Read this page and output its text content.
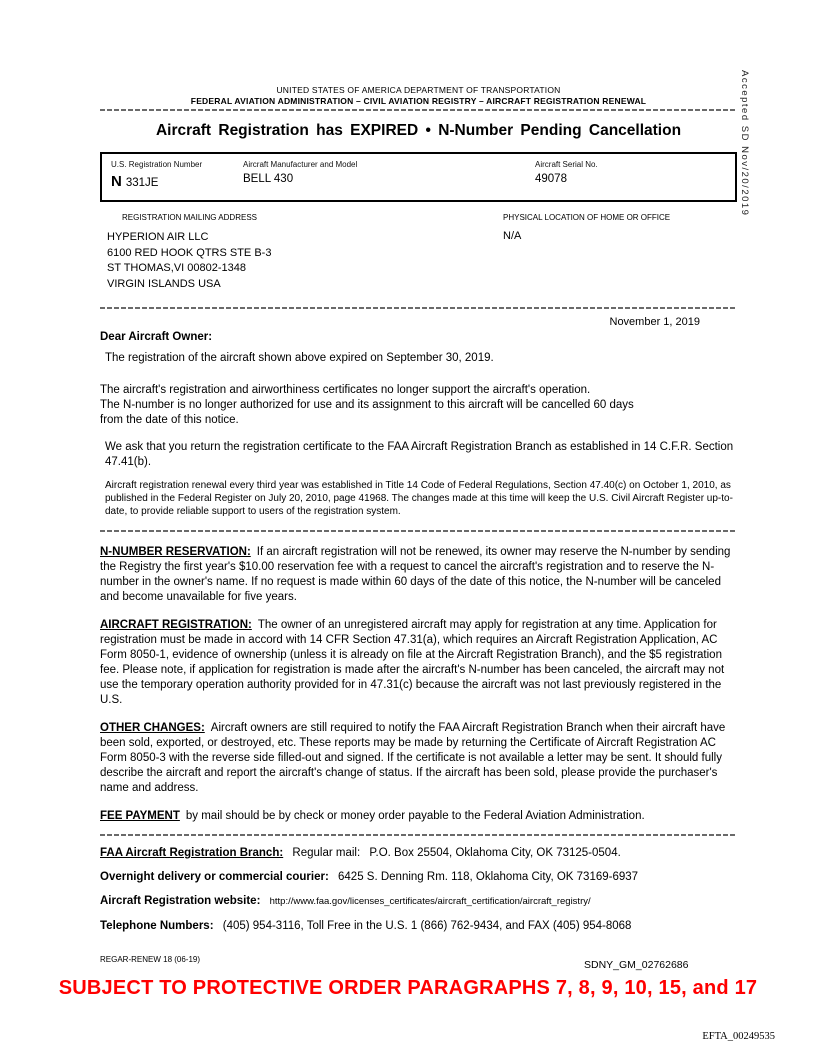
Accepted SD Nov/20/2019
UNITED STATES OF AMERICA DEPARTMENT OF TRANSPORTATION
FEDERAL AVIATION ADMINISTRATION – CIVIL AVIATION REGISTRY – AIRCRAFT REGISTRATION RENEWAL
Aircraft Registration has EXPIRED • N-Number Pending Cancellation
U.S. Registration Number
N 331JE
Aircraft Manufacturer and Model
BELL 430
Aircraft Serial No.
49078
REGISTRATION MAILING ADDRESS	PHYSICAL LOCATION OF HOME OR OFFICE
HYPERION AIR LLC
6100 RED HOOK QTRS STE B-3
ST THOMAS,VI 00802-1348
VIRGIN ISLANDS USA
N/A
November 1, 2019
Dear Aircraft Owner:
The registration of the aircraft shown above expired on September 30, 2019.
The aircraft's registration and airworthiness certificates no longer support the aircraft's operation.
The N-number is no longer authorized for use and its assignment to this aircraft will be cancelled 60 days
from the date of this notice.
We ask that you return the registration certificate to the FAA Aircraft Registration Branch as established in 14 C.F.R. Section 47.41(b).
Aircraft registration renewal every third year was established in Title 14 Code of Federal Regulations, Section 47.40(c) on October 1, 2010, as published in the Federal Register on July 20, 2010, page 41968. The changes made at this time will keep the U.S. Civil Aircraft Register up-to-date, to provide reliable support to users of the registration system.
N-NUMBER RESERVATION: If an aircraft registration will not be renewed, its owner may reserve the N-number by sending the Registry the first year's $10.00 reservation fee with a request to cancel the aircraft's registration and to reserve the N-number in the owner's name. If no request is made within 60 days of the date of this notice, the N-number will be canceled and become unavailable for five years.
AIRCRAFT REGISTRATION: The owner of an unregistered aircraft may apply for registration at any time. Application for registration must be made in accord with 14 CFR Section 47.31(a), which requires an Aircraft Registration Application, AC Form 8050-1, evidence of ownership (unless it is already on file at the Aircraft Registration Branch), and the $5 registration fee. Please note, if application for registration is made after the aircraft's N-number has been canceled, the aircraft may not use the temporary operation authority provided for in 47.31(c) because the aircraft was not last previously registered in the U.S.
OTHER CHANGES: Aircraft owners are still required to notify the FAA Aircraft Registration Branch when their aircraft have been sold, exported, or destroyed, etc. These reports may be made by returning the Certificate of Aircraft Registration AC Form 8050-3 with the reverse side filled-out and signed. If the certificate is not available a letter may be sent. It should fully describe the aircraft and report the aircraft's change of status. If the aircraft has been sold, please provide the purchaser's name and address.
FEE PAYMENT by mail should be by check or money order payable to the Federal Aviation Administration.
FAA Aircraft Registration Branch: Regular mail: P.O. Box 25504, Oklahoma City, OK 73125-0504.
Overnight delivery or commercial courier: 6425 S. Denning Rm. 118, Oklahoma City, OK 73169-6937
Aircraft Registration website: http://www.faa.gov/licenses_certificates/aircraft_certification/aircraft_registry/
Telephone Numbers: (405) 954-3116, Toll Free in the U.S. 1 (866) 762-9434, and FAX (405) 954-8068
REGAR-RENEW 18 (06-19)	SDNY_GM_02762686
SUBJECT TO PROTECTIVE ORDER PARAGRAPHS 7, 8, 9, 10, 15, and 17
EFTA_00249535
